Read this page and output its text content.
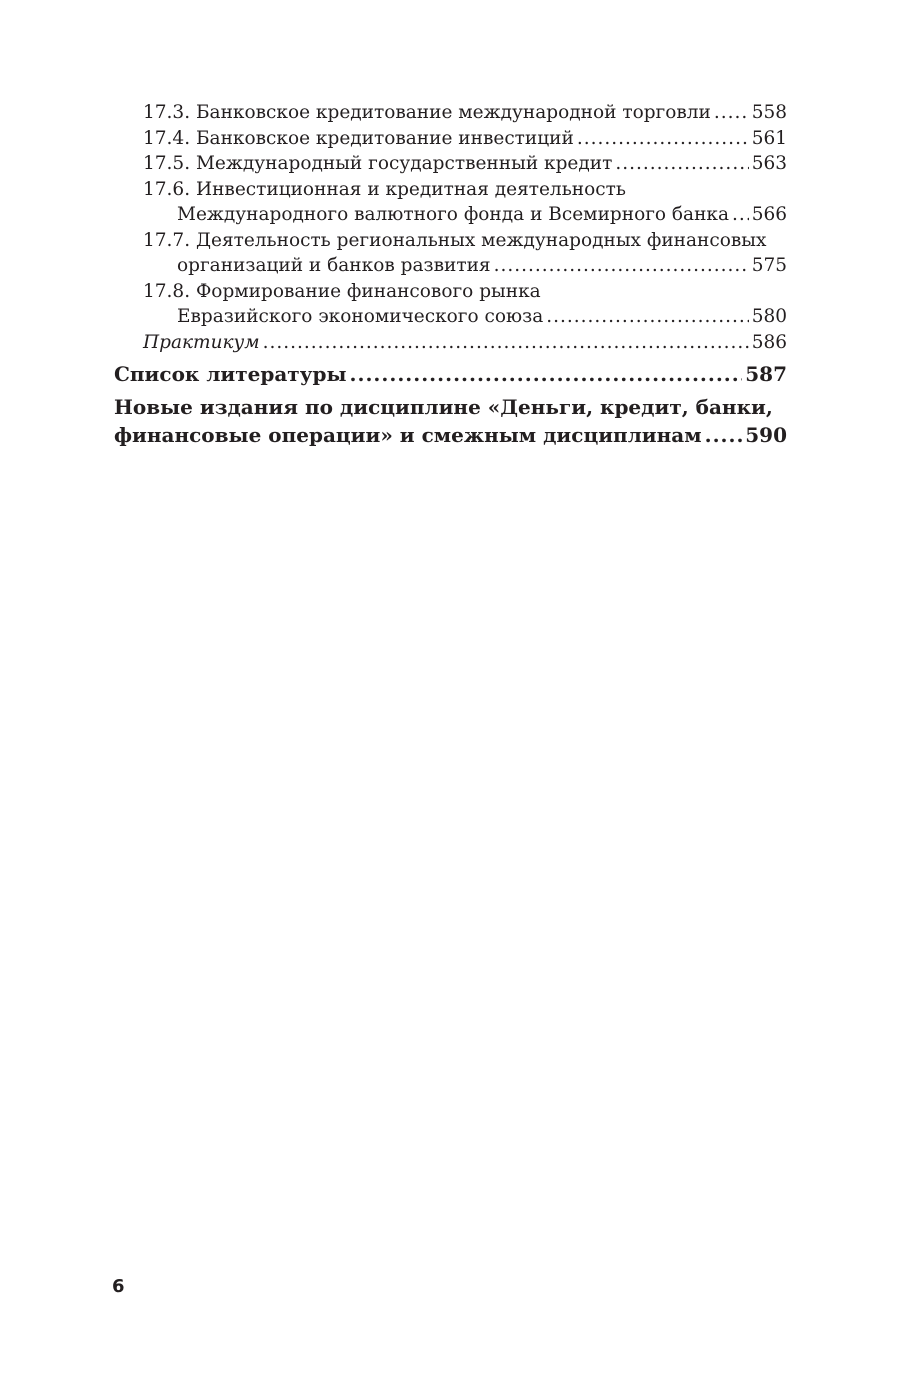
17.3. Банковское кредитование международной торговли ..... 558
17.4. Банковское кредитование инвестиций .....	561
17.5. Международный государственный кредит .....	563
17.6. Инвестиционная и кредитная деятельность
Международного валютного фонда и Всемирного банка ..... 566
17.7. Деятельность региональных международных финансовых
организаций и банков развития .....	575
17.8. Формирование финансового рынка
Евразийского экономического союза .....	580
Практикум .....	586
Список литературы .....	587
Новые издания по дисциплине «Деньги, кредит, банки,
финансовые операции» и смежным дисциплинам ..... 590
6
